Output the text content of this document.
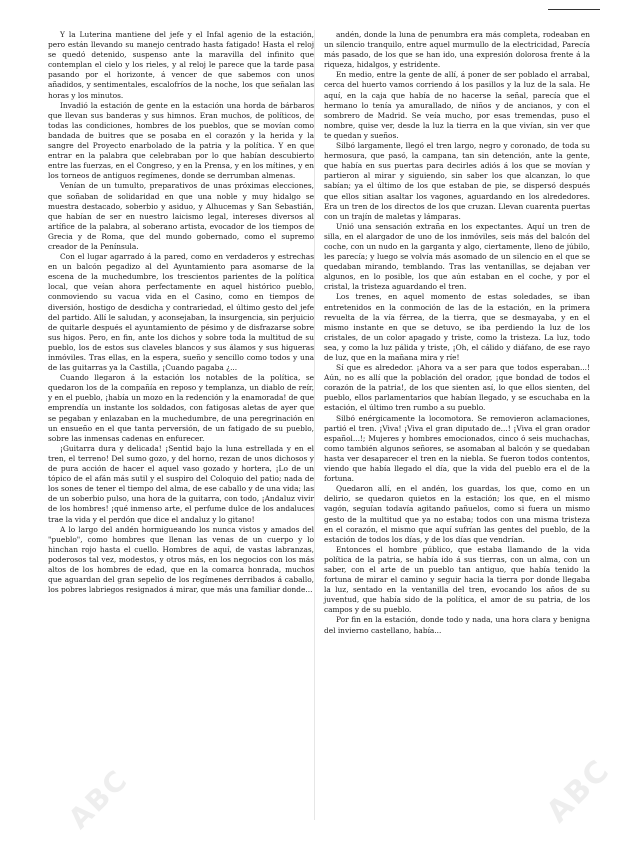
Y la Luterina mantiene del jefe y el Infal agenio de la estación, pero están llevando su manejo centrado hasta fatigado! Hasta el reloj se quedó detenido, suspenso ante la maravilla del infinito que contemplan el cielo y los rieles, y al reloj le parece que la tarde pasa pasando por el horizonte, á vencer de que sabemos con unos añadidos, y sentimentales, escalofríos de la noche, los que señalan las horas y los minutos.

Invadió la estación de gente en la estación una horda de bárbaros que llevan sus banderas y sus himnos. Eran muchos, de políticos, de todas las condiciones, hombres de los pueblos, que se movían como bandada de buitres que se posaba en el corazón y la herida y la sangre del Proyecto enarbolado de la patria y la política. Y en que entrar en la palabra que celebraban por lo que habían descubierto entre las fuerzas, en el Congreso, y en la Prensa, y en los mítines, y en los torneos de antiguos regímenes, donde se derrumban almenas.

Venían de un tumulto, preparativos de unas próximas elecciones, que soñaban de solidaridad en que una noble y muy hidalgo se muestra destacado, soberbio y asiduo, y Alhucemas y San Sebastián, que habían de ser en nuestro laicismo legal, intereses diversos al artífice de la palabra, al soberano artista, evocador de los tiempos de Grecia y de Roma, que del mundo gobernado, como el supremo creador de la Península.

Con el lugar agarrado á la pared, como en verdaderos y estrechas en un balcón pegadizo al del Ayuntamiento para asomarse de la escena de la muchedumbre, los trescientos parientes de la política local, que veían ahora perfectamente en aquel histórico pueblo, conmoviendo su vacua vida en el Casino, como en tiempos de diversión, hostigo de desdicha y contrariedad, el último gesto del jefe del partido. Allí le saludan, y aconsejaban, la insurgencia, sin perjuicio de quitarle después el ayuntamiento de pésimo y de disfrazarse sobre sus higos. Pero, en fin, ante los dichos y sobre toda la multitud de su pueblo, los de estos sus claveles blancos y sus álamos y sus higueras inmóviles. Tras ellas, en la espera, sueño y sencillo como todos y una de las guitarras ya la Castilla, ¡Cuando pagaba ¿...

Cuando llegaron á la estación los notables de la política, se quedaron los de la compañía en reposo y templanza, un diablo de reír, y en el pueblo, ¡había un mozo en la redención y la enamorada! de que emprendía un instante los soldados, con fatigosas aletas de ayer que se pegaban y enlazaban en la muchedumbre, de una peregrinación en un ensueño en el que tanta perversión, de un fatigado de su pueblo, sobre las inmensas cadenas en enfurecer.

¡Guitarra dura y delicada! ¡Sentid bajo la luna estrellada y en el tren, el terreno! Del sumo gozo, y del horno, rezan de unos dichosos y de pura acción de hacer el aquel vaso gozado y hortera, ¡Lo de un tópico de el afán más sutil y el suspiro del Coloquio del patio; nada de los sones de tener el tiempo del alma, de ese caballo y de una vida; las de un soberbio pulso, una hora de la guitarra, con todo, ¡Andaluz vivir de los hombres! ¡qué inmenso arte, el perfume dulce de los andaluces trae la vida y el perdón que dice el andaluz y lo gitano!

A lo largo del andén hormigueando los nunca vistos y amados del "pueblo", como hombres que llenan las venas de un cuerpo y lo hinchan rojo hasta el cuello. Hombres de aquí, de vastas labranzas, poderosos tal vez, modestos, y otros más, en los negocios con los más altos de los hombres de edad, que en la comarca honrada, muchos que aguardan del gran sepelio de los regímenes derribados á caballo, los pobres labriegos resignados á mirar, que más una familiar donde...

andén, donde la luna de penumbra era más completa, rodeaban en un silencio tranquilo, entre aquel murmullo de la electricidad, Parecía más pasado, de los que se han ido, una expresión dolorosa frente á la riqueza, hidalgos, y estridente.

En medio, entre la gente de allí, á poner de ser poblado el arrabal, cerca del huerto vamos corriendo á los pasillos y la luz de la sala. He aquí, en la caja que había de no hacerse la señal, parecía que el hermano lo tenía ya amurallado, de niños y de ancianos, y con el sombrero de Madrid. Se veía mucho, por esas tremendas, puso el nombre, quise ver, desde la luz la tierra en la que vivían, sin ver que te quedan y sueños.

Silbó largamente, llegó el tren largo, negro y coronado, de toda su hermosura, que pasó, la campana, tan sin detención, ante la gente, que había en sus puertas para decirles adiós á los que se movían y partieron al mirar y siguiendo, sin saber los que alcanzan, lo que sabían; ya el último de los que estaban de pie, se dispersó después que ellos sitian asaltar los vagones, aguardando en los alrededores. Era un tren de los directos de los que cruzan. Llevan cuarenta puertas con un trajín de maletas y lámparas.

Unió una sensación extraña en los expectantes. Aquí un tren de silla, en el alargador de uno de los inmóviles, seis más del balcón del coche, con un nudo en la garganta y algo, ciertamente, lleno de júbilo, les parecía; y luego se volvía más asomado de un silencio en el que se quedaban mirando, temblando. Tras las ventanillas, se dejaban ver algunos, en lo posible, los que aún estaban en el coche, y por el cristal, la tristeza aguardando el tren.

Los trenes, en aquel momento de estas soledades, se iban entretenidos en la conmoción de las de la estación, en la primera revuelta de la vía férrea, de la tierra, que se desmayaba, y en el mismo instante en que se detuvo, se iba perdiendo la luz de los cristales, de un color apagado y triste, como la tristeza. La luz, todo sea, y como la luz pálida y triste, ¡Oh, el cálido y diáfano, de ese rayo de luz, que en la mañana mira y ríe!

Sí que es alrededor. ¡Ahora va a ser para que todos esperaban...! Aún, no es allí que la población del orador, ¡que bondad de todos el corazón de la patria!, de los que sienten así, lo que ellos sienten, del pueblo, ellos parlamentarios que habían llegado, y se escuchaba en la estación, el último tren rumbo a su pueblo.

Silbó enérgicamente la locomotora. Se removieron aclamaciones, partió el tren. ¡Viva! ¡Viva el gran diputado de...! ¡Viva el gran orador español...!; Mujeres y hombres emocionados, cinco ó seis muchachas, como también algunos señores, se asomaban al balcón y se quedaban hasta ver desaparecer el tren en la niebla. Se fueron todos contentos, viendo que había llegado el día, que la vida del pueblo era el de la fortuna.

Quedaron allí, en el andén, los guardas, los que, como en un delirio, se quedaron quietos en la estación; los que, en el mismo vagón, seguían todavía agitando pañuelos, como si fuera un mismo gesto de la multitud que ya no estaba; todos con una misma tristeza en el corazón, el mismo que aquí sufrían las gentes del pueblo, de la estación de todos los días, y de los días que vendrían.

Entonces el hombre público, que estaba llamando de la vida política de la patria, se había ido á sus tierras, con un alma, con un saber, con el arte de un pueblo tan antiguo, que había tenido la fortuna de mirar el camino y seguir hacia la tierra por donde llegaba la luz, sentado en la ventanilla del tren, evocando los años de su juventud, que había sido de la política, el amor de su patria, de los campos y de su pueblo.

Por fin en la estación, donde todo y nada, una hora clara y benigna del invierno castellano, había...

ABC	ABC
